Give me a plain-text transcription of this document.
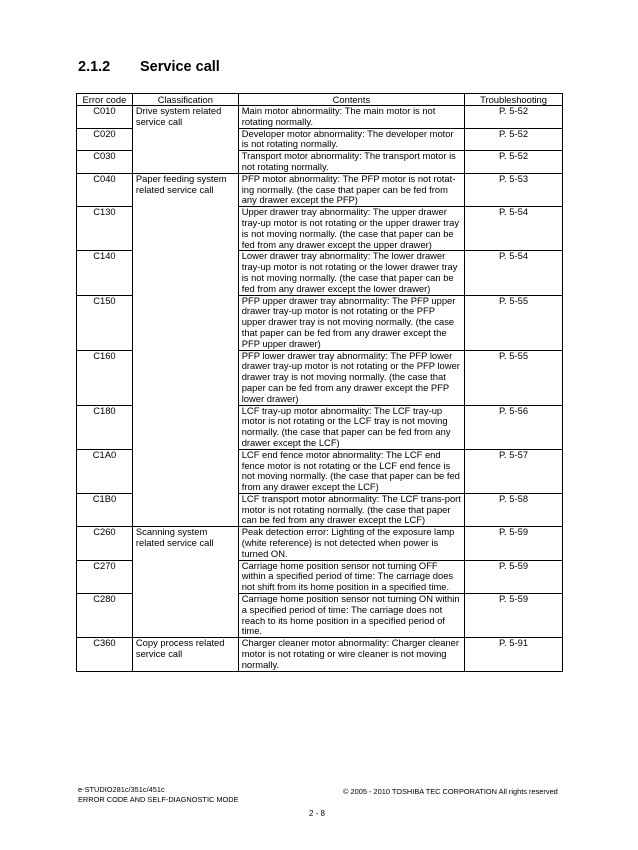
2.1.2 Service call
Error code	Classification	Contents	Troubleshooting
C010	Drive system related service call	Main motor abnormality: The main motor is not rotating normally.	P. 5-52
C020		Developer motor abnormality: The developer motor is not rotating normally.	P. 5-52
C030		Transport motor abnormality: The transport motor is not rotating normally.	P. 5-52
C040	Paper feeding system related service call	PFP motor abnormality: The PFP motor is not rotat-ing normally. (the case that paper can be fed from any drawer except the PFP)	P. 5-53
C130		Upper drawer tray abnormality: The upper drawer tray-up motor is not rotating or the upper drawer tray is not moving normally. (the case that paper can be fed from any drawer except the upper drawer)	P. 5-54
C140		Lower drawer tray abnormality: The lower drawer tray-up motor is not rotating or the lower drawer tray is not moving normally. (the case that paper can be fed from any drawer except the lower drawer)	P. 5-54
C150		PFP upper drawer tray abnormality: The PFP upper drawer tray-up motor is not rotating or the PFP upper drawer tray is not moving normally. (the case that paper can be fed from any drawer except the PFP upper drawer)	P. 5-55
C160		PFP lower drawer tray abnormality: The PFP lower drawer tray-up motor is not rotating or the PFP lower drawer tray is not moving normally. (the case that paper can be fed from any drawer except the PFP lower drawer)	P. 5-55
C180		LCF tray-up motor abnormality: The LCF tray-up motor is not rotating or the LCF tray is not moving normally. (the case that paper can be fed from any drawer except the LCF)	P. 5-56
C1A0		LCF end fence motor abnormality: The LCF end fence motor is not rotating or the LCF end fence is not moving normally. (the case that paper can be fed from any drawer except the LCF)	P. 5-57
C1B0		LCF transport motor abnormality: The LCF trans-port motor is not rotating normally. (the case that paper can be fed from any drawer except the LCF)	P. 5-58
C260	Scanning system related service call	Peak detection error: Lighting of the exposure lamp (white reference) is not detected when power is turned ON.	P. 5-59
C270		Carriage home position sensor not turning OFF within a specified period of time: The carriage does not shift from its home position in a specified time.	P. 5-59
C280		Carriage home position sensor not turning ON within a specified period of time: The carriage does not reach to its home position in a specified period of time.	P. 5-59
C360	Copy process related service call	Charger cleaner motor abnormality: Charger cleaner motor is not rotating or wire cleaner is not moving normally.	P. 5-91
e-STUDIO281c/351c/451c
ERROR CODE AND SELF-DIAGNOSTIC MODE
© 2005 - 2010 TOSHIBA TEC CORPORATION All rights reserved
2 - 8
